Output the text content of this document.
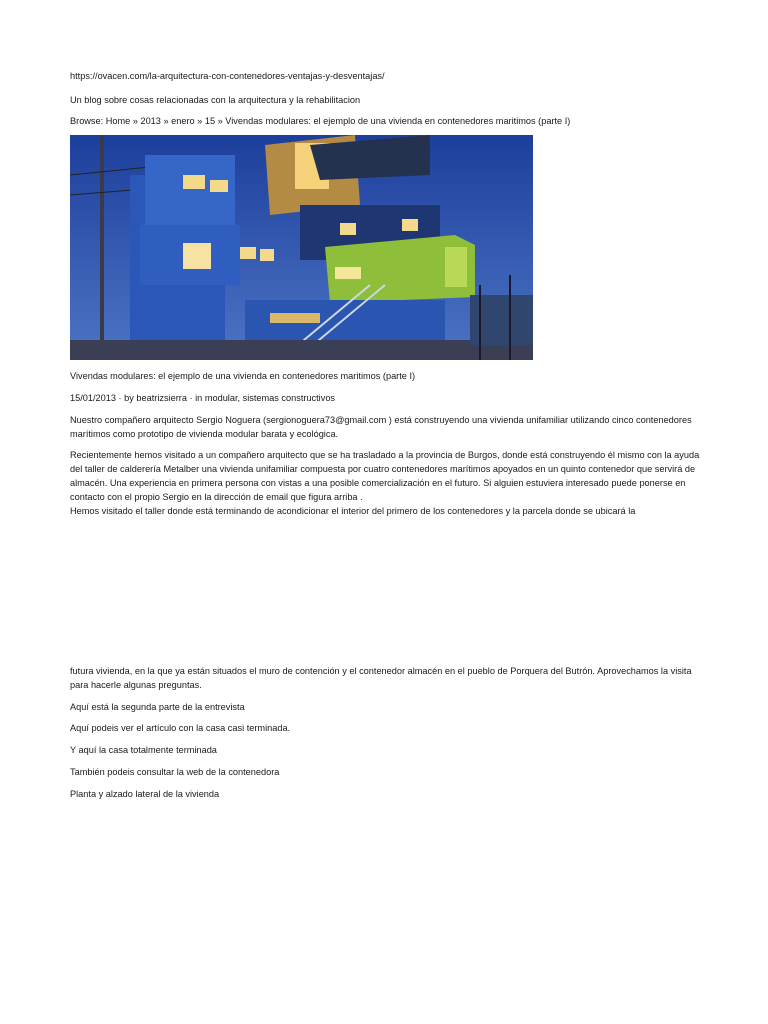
https://ovacen.com/la-arquitectura-con-contenedores-ventajas-y-desventajas/
Un blog sobre cosas relacionadas con la arquitectura y la rehabilitacion
Browse: Home » 2013 » enero » 15 » Vivendas modulares: el ejemplo de una vivienda en contenedores maritimos (parte I)
Vivendas modulares: el ejemplo de una vivienda en contenedores maritimos (parte I)
15/01/2013 · by beatrizsierra · in modular, sistemas constructivos
Nuestro compañero arquitecto Sergio Noguera (sergionoguera73@gmail.com ) está construyendo una vivienda unifamiliar utilizando cinco contenedores marítimos como prototipo de vivienda modular barata y ecológica.
Recientemente hemos visitado a un compañero arquitecto que se ha trasladado a la provincia de Burgos, donde está construyendo él mismo con la ayuda del taller de calderería Metalber una vivienda unifamiliar compuesta por cuatro contenedores marítimos apoyados en un quinto contenedor que servirá de almacén. Una experiencia en primera persona con vistas a una posible comercialización en el futuro. Si alguien estuviera interesado puede ponerse en contacto con el propio Sergio en la dirección de email que figura arriba .
Hemos visitado el taller donde está terminando de acondicionar el interior del primero de los contenedores y la parcela donde se ubicará la
futura vivienda, en la que ya están situados el muro de contención y el contenedor almacén en el pueblo de Porquera del Butrón. Aprovechamos la visita para hacerle algunas preguntas.
Aquí está la segunda parte de la entrevista
Aquí podeis ver el artículo con la casa casi terminada.
Y aquí la casa totalmente terminada
También podeis consultar la web de la contenedora
Planta y alzado lateral de la vivienda
